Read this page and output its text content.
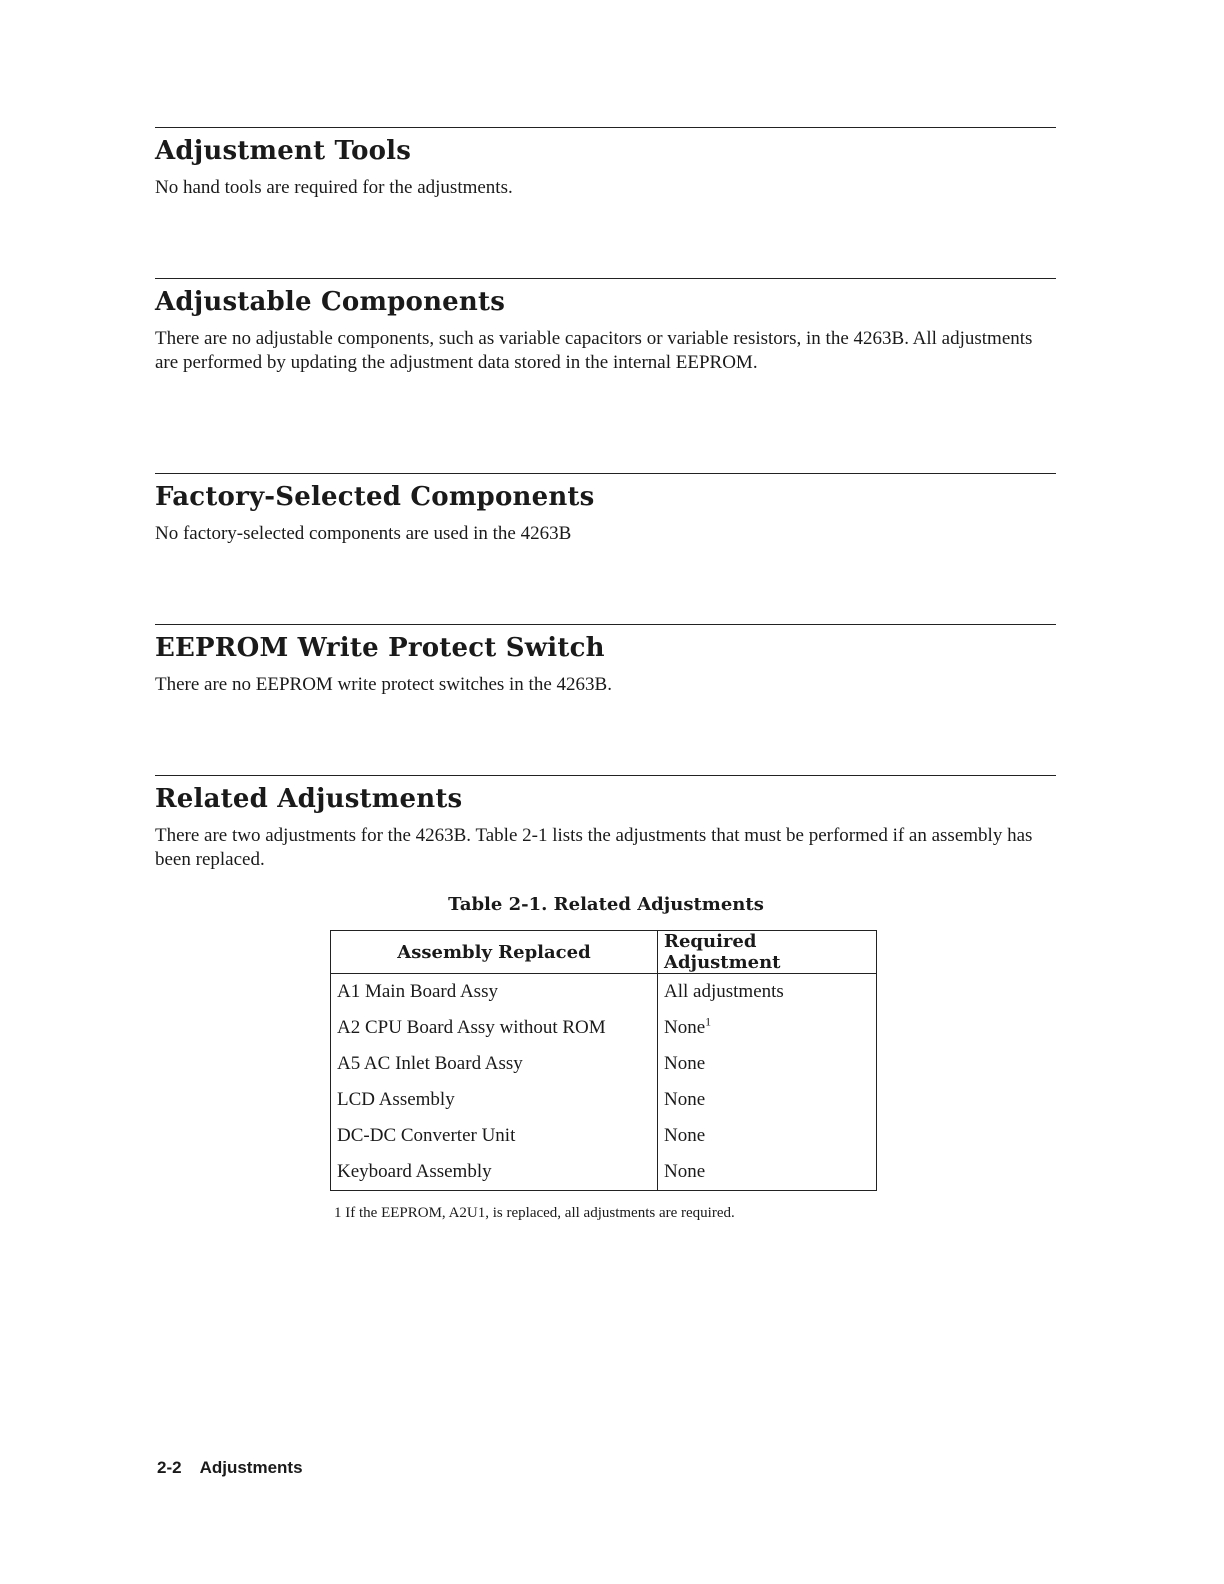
Adjustment Tools

No hand tools are required for the adjustments.

Adjustable Components

There are no adjustable components, such as variable capacitors or variable resistors, in the 4263B. All adjustments are performed by updating the adjustment data stored in the internal EEPROM.

Factory-Selected Components

No factory-selected components are used in the 4263B

EEPROM Write Protect Switch

There are no EEPROM write protect switches in the 4263B.

Related Adjustments

There are two adjustments for the 4263B. Table 2-1 lists the adjustments that must be performed if an assembly has been replaced.

Table 2-1. Related Adjustments
Assembly Replaced	Required Adjustment
A1 Main Board Assy	All adjustments
A2 CPU Board Assy without ROM	None$^1$
A5 AC Inlet Board Assy	None
LCD Assembly	None
DC-DC Converter Unit	None
Keyboard Assembly	None
1 If the EEPROM, A2U1, is replaced, all adjustments are required.
2-2 Adjustments
